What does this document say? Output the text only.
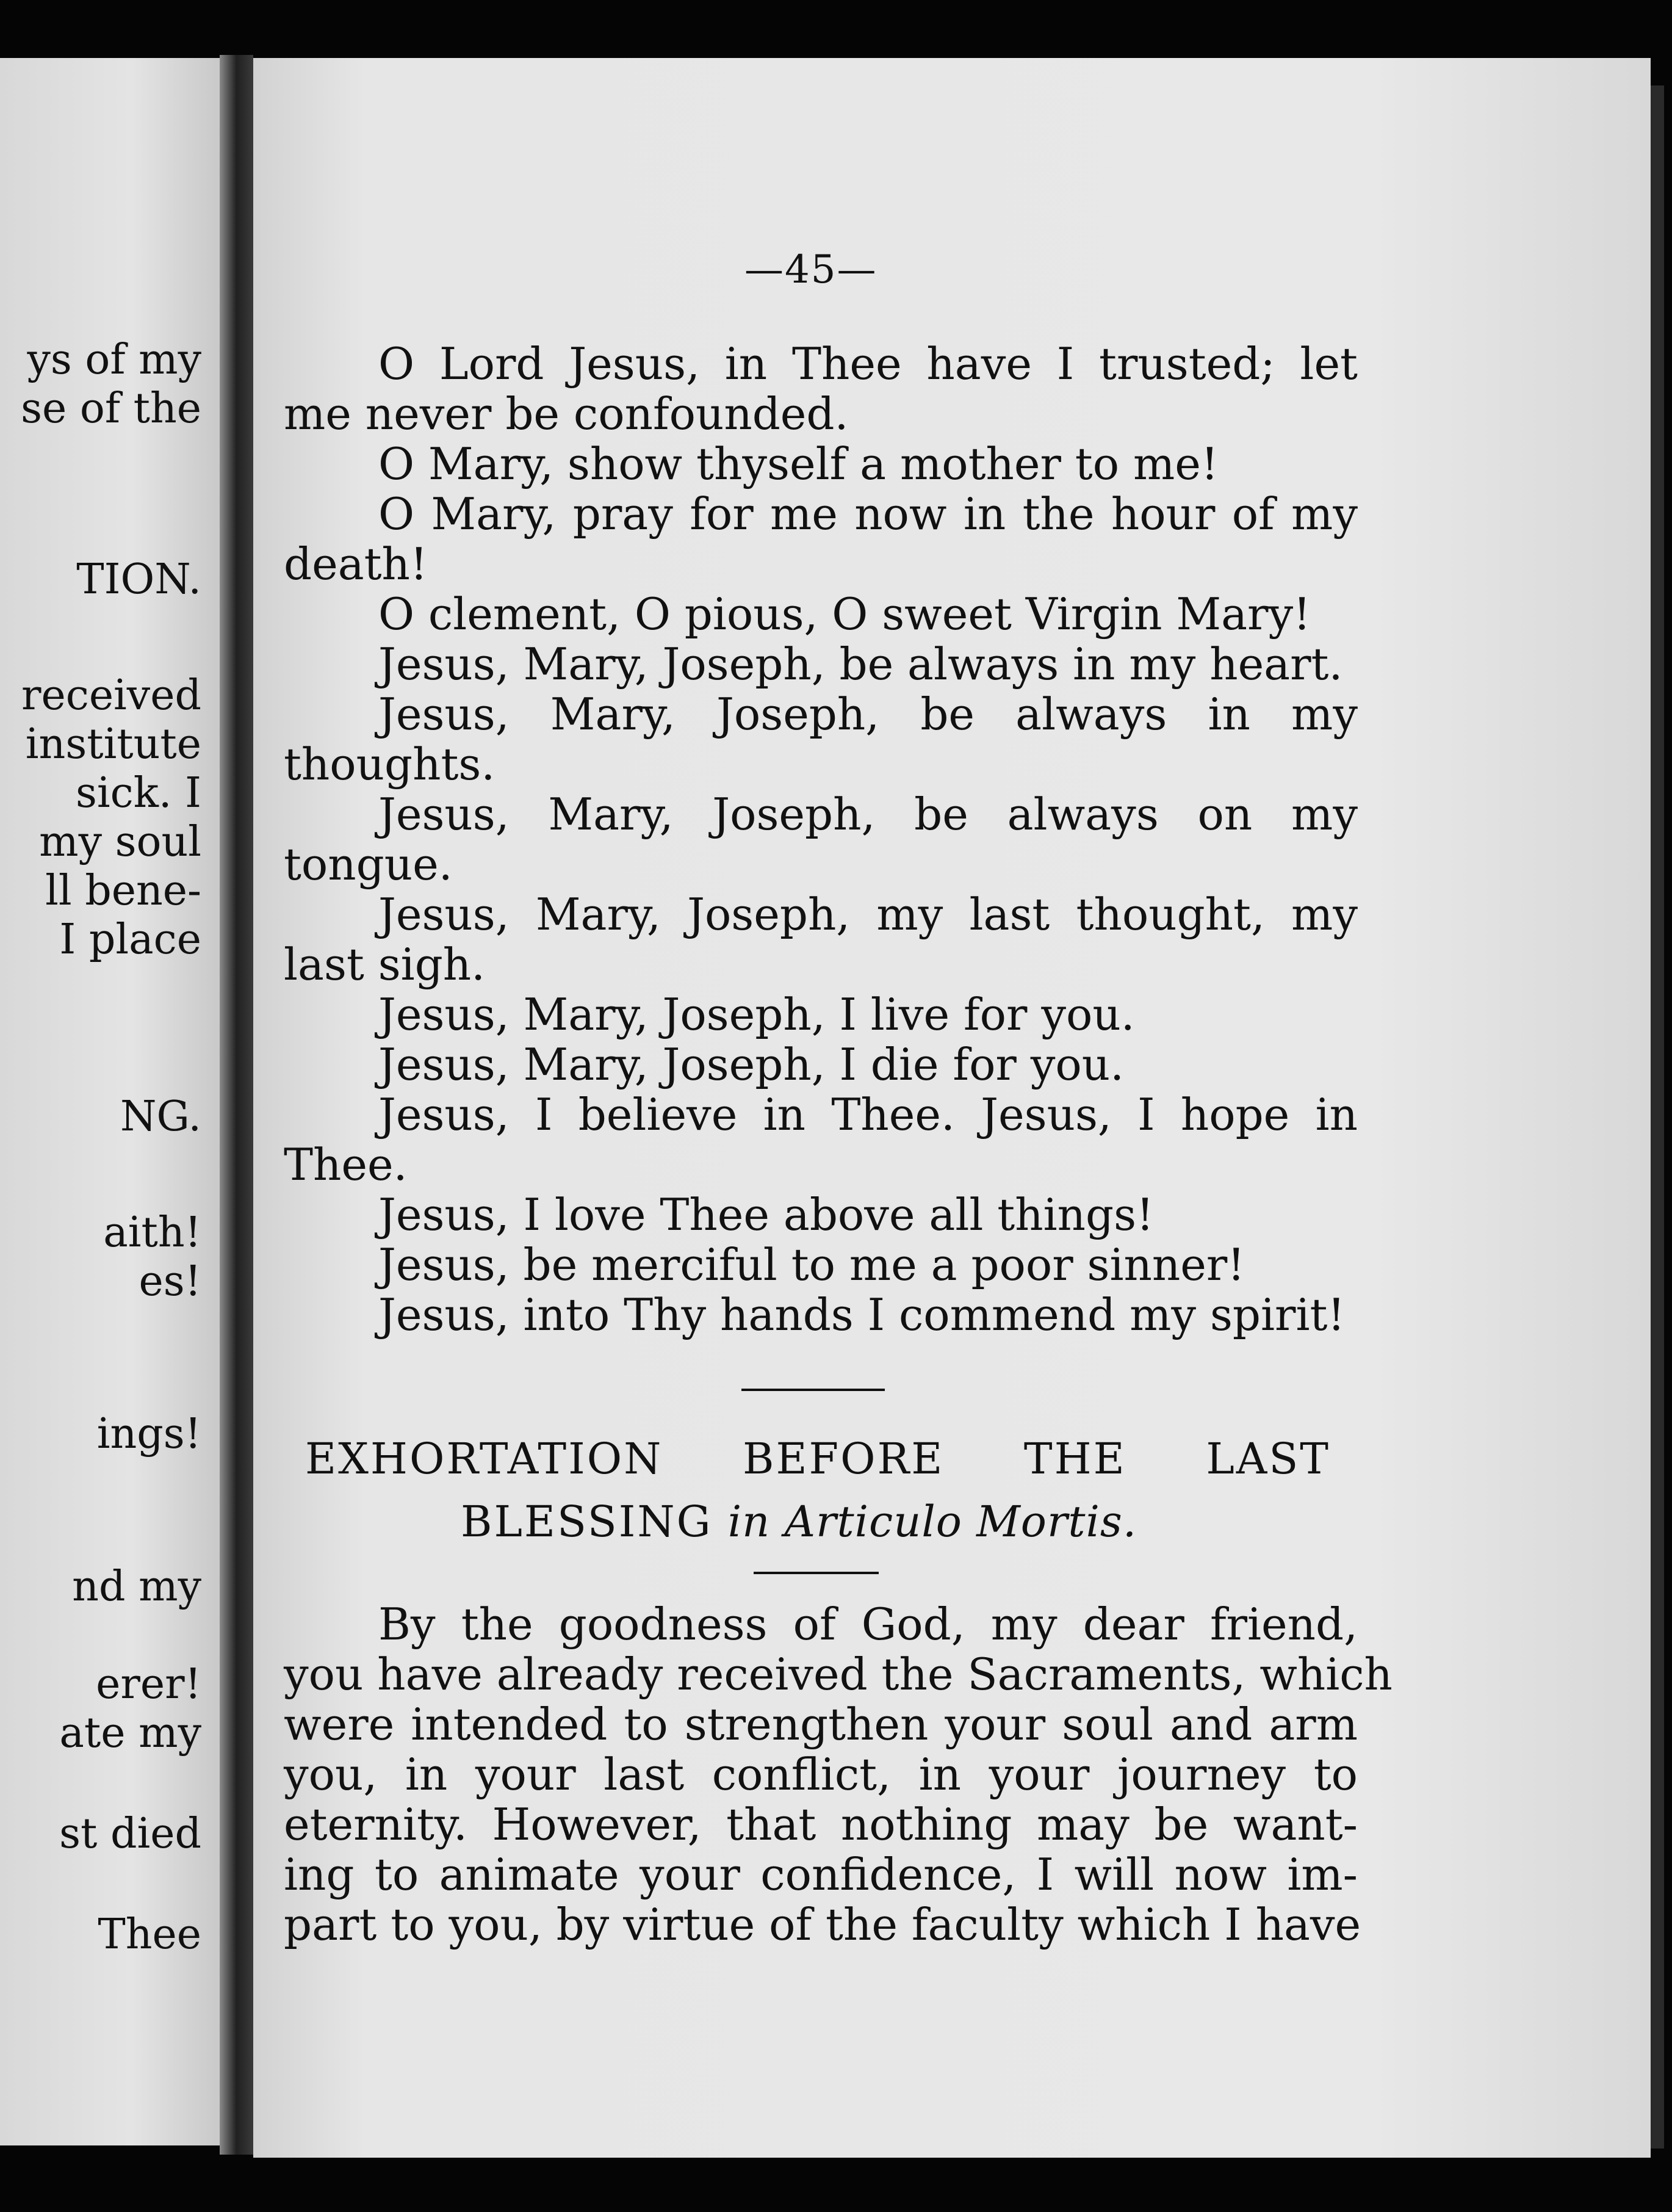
ys of my
se of the
TION.
received
institute
sick. I
my soul
ll bene-
I place
NG.
aith!
es!
ings!
nd my
erer!
ate my
st died
Thee
—45—
O Lord Jesus, in Thee have I trusted; let
me never be confounded.
O Mary, show thyself a mother to me!
O Mary, pray for me now in the hour of my
death!
O clement, O pious, O sweet Virgin Mary!
Jesus, Mary, Joseph, be always in my heart.
Jesus, Mary, Joseph, be always in my
thoughts.
Jesus, Mary, Joseph, be always on my
tongue.
Jesus, Mary, Joseph, my last thought, my
last sigh.
Jesus, Mary, Joseph, I live for you.
Jesus, Mary, Joseph, I die for you.
Jesus, I believe in Thee. Jesus, I hope in
Thee.
Jesus, I love Thee above all things!
Jesus, be merciful to me a poor sinner!
Jesus, into Thy hands I commend my spirit!
EXHORTATION BEFORE THE LAST
BLESSING in Articulo Mortis.
By the goodness of God, my dear friend,
you have already received the Sacraments, which
were intended to strengthen your soul and arm
you, in your last conflict, in your journey to
eternity. However, that nothing may be want-
ing to animate your confidence, I will now im-
part to you, by virtue of the faculty which I have
